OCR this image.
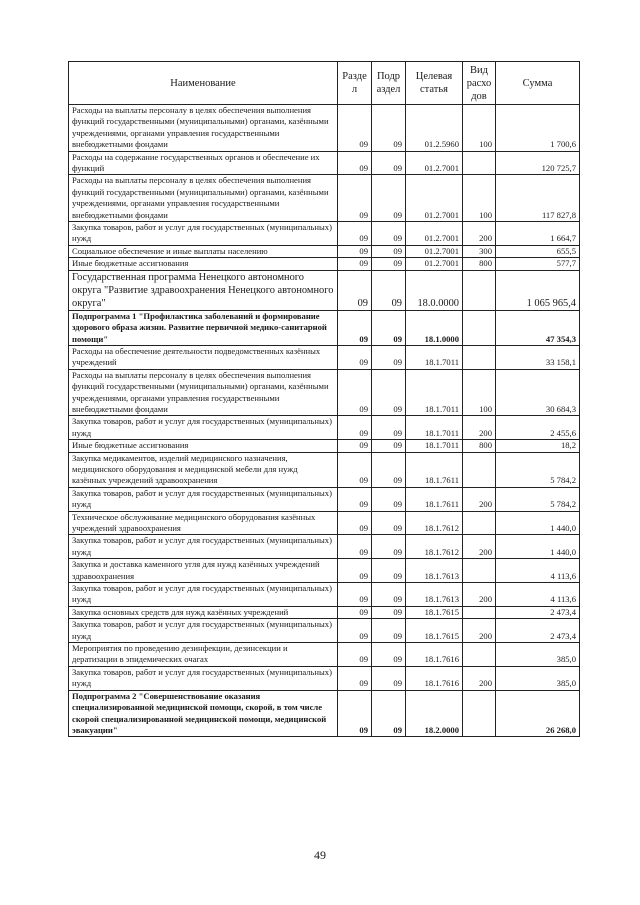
Наименование	Разде л	Подр аздел	Целевая статья	Вид расхо дов	Сумма
Расходы на выплаты персоналу в целях обеспечения выполнения функций государственными (муниципальными) органами, казёнными учреждениями, органами управления государственными внебюджетными фондами	09	09	01.2.5960	100	1 700,6
Расходы на содержание государственных органов и обеспечение их функций	09	09	01.2.7001		120 725,7
Расходы на выплаты персоналу в целях обеспечения выполнения функций государственными (муниципальными) органами, казёнными учреждениями, органами управления государственными внебюджетными фондами	09	09	01.2.7001	100	117 827,8
Закупка товаров, работ и услуг для государственных (муниципальных) нужд	09	09	01.2.7001	200	1 664,7
Социальное обеспечение и иные выплаты населению	09	09	01.2.7001	300	655,5
Иные бюджетные ассигнования	09	09	01.2.7001	800	577,7
Государственная программа Ненецкого автономного округа "Развитие здравоохранения Ненецкого автономного округа"	09	09	18.0.0000		1 065 965,4
Подпрограмма 1 "Профилактика заболеваний и формирование здорового образа жизни. Развитие первичной медико-санитарной помощи"	09	09	18.1.0000		47 354,3
Расходы на обеспечение деятельности подведомственных казённых учреждений	09	09	18.1.7011		33 158,1
Расходы на выплаты персоналу в целях обеспечения выполнения функций государственными (муниципальными) органами, казёнными учреждениями, органами управления государственными внебюджетными фондами	09	09	18.1.7011	100	30 684,3
Закупка товаров, работ и услуг для государственных (муниципальных) нужд	09	09	18.1.7011	200	2 455,6
Иные бюджетные ассигнования	09	09	18.1.7011	800	18,2
Закупка медикаментов, изделий медицинского назначения, медицинского оборудования и медицинской мебели для нужд казённых учреждений здравоохранения	09	09	18.1.7611		5 784,2
Закупка товаров, работ и услуг для государственных (муниципальных) нужд	09	09	18.1.7611	200	5 784,2
Техническое обслуживание медицинского оборудования казённых учреждений здравоохранения	09	09	18.1.7612		1 440,0
Закупка товаров, работ и услуг для государственных (муниципальных) нужд	09	09	18.1.7612	200	1 440,0
Закупка и доставка каменного угля для нужд казённых учреждений здравоохранения	09	09	18.1.7613		4 113,6
Закупка товаров, работ и услуг для государственных (муниципальных) нужд	09	09	18.1.7613	200	4 113,6
Закупка основных средств для нужд казённых учреждений	09	09	18.1.7615		2 473,4
Закупка товаров, работ и услуг для государственных (муниципальных) нужд	09	09	18.1.7615	200	2 473,4
Мероприятия по проведению дезинфекции, дезинсекции и дератизации в эпидемических очагах	09	09	18.1.7616		385,0
Закупка товаров, работ и услуг для государственных (муниципальных) нужд	09	09	18.1.7616	200	385,0
Подпрограмма 2 "Совершенствование оказания специализированной медицинской помощи, скорой, в том числе скорой специализированной медицинской помощи, медицинской эвакуации"	09	09	18.2.0000		26 268,0
49
